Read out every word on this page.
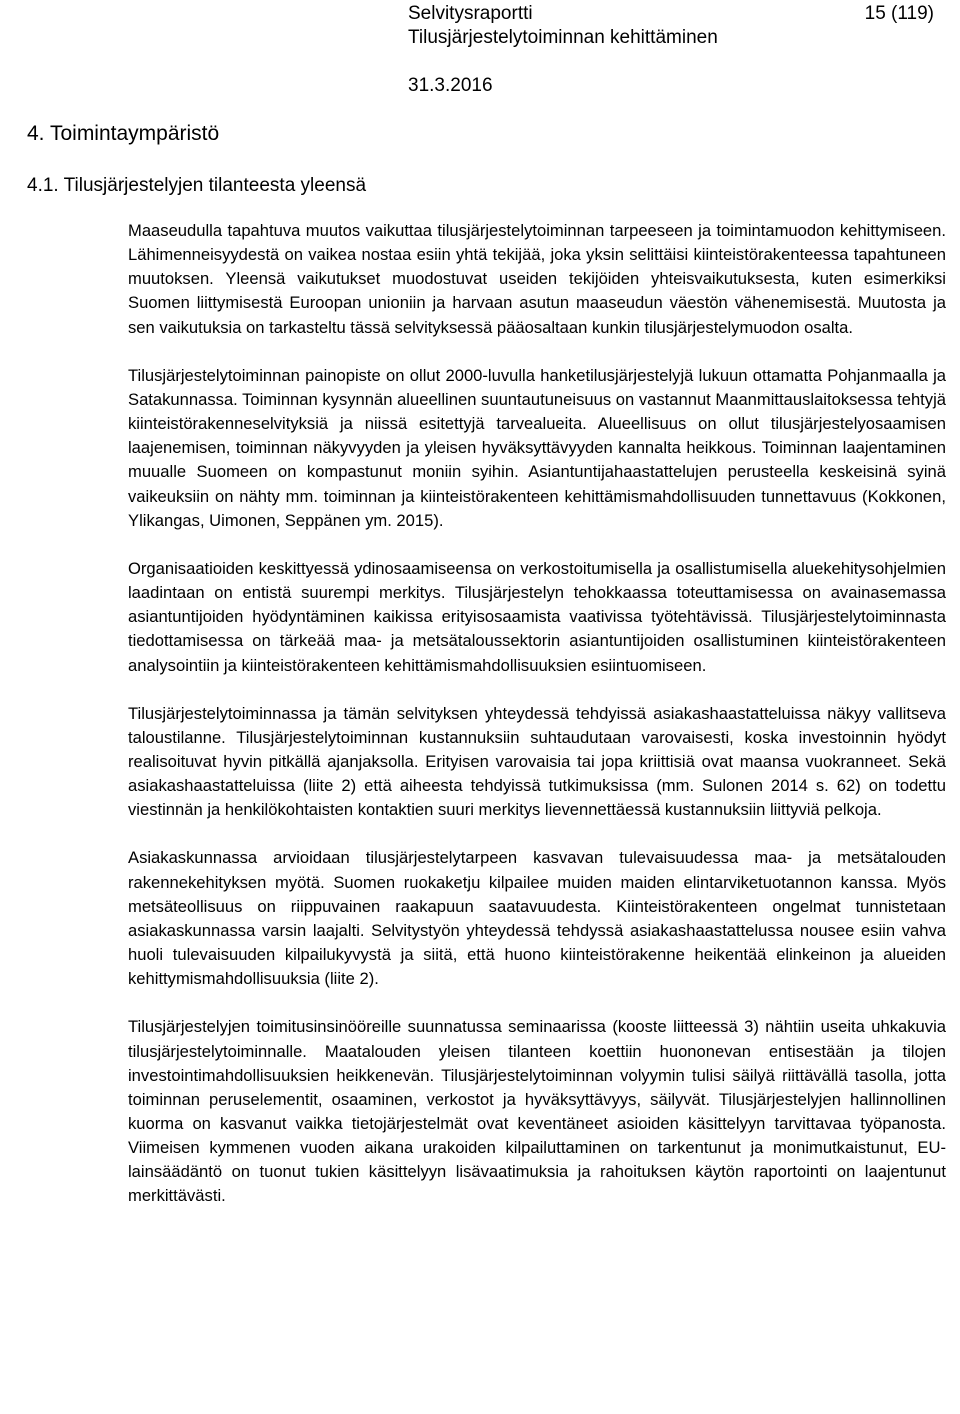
Selvitysraportti
Tilusjärjestelytoiminnan kehittäminen
31.3.2016
15 (119)
4. Toimintaympäristö
4.1. Tilusjärjestelyjen tilanteesta yleensä

Maaseudulla tapahtuva muutos vaikuttaa tilusjärjestelytoiminnan tarpeeseen ja toimintamuodon kehittymiseen. Lähimenneisyydestä on vaikea nostaa esiin yhtä tekijää, joka yksin selittäisi kiinteistörakenteessa tapahtuneen muutoksen. Yleensä vaikutukset muodostuvat useiden tekijöiden yhteisvaikutuksesta, kuten esimerkiksi Suomen liittymisestä Euroopan unioniin ja harvaan asutun maaseudun väestön vähenemisestä. Muutosta ja sen vaikutuksia on tarkasteltu tässä selvityksessä pääosaltaan kunkin tilusjärjestelymuodon osalta.

Tilusjärjestelytoiminnan painopiste on ollut 2000-luvulla hanketilusjärjestelyjä lukuun ottamatta Pohjanmaalla ja Satakunnassa. Toiminnan kysynnän alueellinen suuntautuneisuus on vastannut Maanmittauslaitoksessa tehtyjä kiinteistörakenneselvityksiä ja niissä esitettyjä tarvealueita. Alueellisuus on ollut tilusjärjestelyosaamisen laajenemisen, toiminnan näkyvyyden ja yleisen hyväksyttävyyden kannalta heikkous. Toiminnan laajentaminen muualle Suomeen on kompastunut moniin syihin. Asiantuntijahaastattelujen perusteella keskeisinä syinä vaikeuksiin on nähty mm. toiminnan ja kiinteistörakenteen kehittämismahdollisuuden tunnettavuus (Kokkonen, Ylikangas, Uimonen, Seppänen ym. 2015).

Organisaatioiden keskittyessä ydinosaamiseensa on verkostoitumisella ja osallistumisella aluekehitysohjelmien laadintaan on entistä suurempi merkitys. Tilusjärjestelyn tehokkaassa toteuttamisessa on avainasemassa asiantuntijoiden hyödyntäminen kaikissa erityisosaamista vaativissa työtehtävissä. Tilusjärjestelytoiminnasta tiedottamisessa on tärkeää maa- ja metsätaloussektorin asiantuntijoiden osallistuminen kiinteistörakenteen analysointiin ja kiinteistörakenteen kehittämismahdollisuuksien esiintuomiseen.

Tilusjärjestelytoiminnassa ja tämän selvityksen yhteydessä tehdyissä asiakashaastatteluissa näkyy vallitseva taloustilanne. Tilusjärjestelytoiminnan kustannuksiin suhtaudutaan varovaisesti, koska investoinnin hyödyt realisoituvat hyvin pitkällä ajanjaksolla. Erityisen varovaisia tai jopa kriittisiä ovat maansa vuokranneet. Sekä asiakashaastatteluissa (liite 2) että aiheesta tehdyissä tutkimuksissa (mm. Sulonen 2014 s. 62) on todettu viestinnän ja henkilökohtaisten kontaktien suuri merkitys lievennettäessä kustannuksiin liittyviä pelkoja.

Asiakaskunnassa arvioidaan tilusjärjestelytarpeen kasvavan tulevaisuudessa maa- ja metsätalouden rakennekehityksen myötä. Suomen ruokaketju kilpailee muiden maiden elintarviketuotannon kanssa. Myös metsäteollisuus on riippuvainen raakapuun saatavuudesta. Kiinteistörakenteen ongelmat tunnistetaan asiakaskunnassa varsin laajalti. Selvitystyön yhteydessä tehdyssä asiakashaastattelussa nousee esiin vahva huoli tulevaisuuden kilpailukyvystä ja siitä, että huono kiinteistörakenne heikentää elinkeinon ja alueiden kehittymismahdollisuuksia (liite 2).

Tilusjärjestelyjen toimitusinsinööreille suunnatussa seminaarissa (kooste liitteessä 3) nähtiin useita uhkakuvia tilusjärjestelytoiminnalle. Maatalouden yleisen tilanteen koettiin huononevan entisestään ja tilojen investointimahdollisuuksien heikkenevän. Tilusjärjestelytoiminnan volyymin tulisi säilyä riittävällä tasolla, jotta toiminnan peruselementit, osaaminen, verkostot ja hyväksyttävyys, säilyvät. Tilusjärjestelyjen hallinnollinen kuorma on kasvanut vaikka tietojärjestelmät ovat keventäneet asioiden käsittelyyn tarvittavaa työpanosta. Viimeisen kymmenen vuoden aikana urakoiden kilpailuttaminen on tarkentunut ja monimutkaistunut, EU-lainsäädäntö on tuonut tukien käsittelyyn lisävaatimuksia ja rahoituksen käytön raportointi on laajentunut merkittävästi.
